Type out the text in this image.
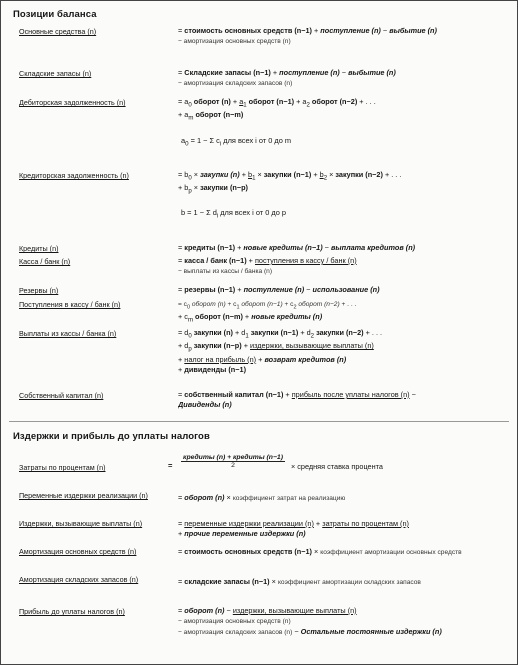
Позиции баланса
Основные средства (n)	= стоимость основных средств (n−1) + поступление (n) − выбытие (n)
− амортизация основных средств (n)
Складские запасы (n)	= Складские запасы (n−1) + поступление (n) − выбытие (n)
− амортизация складских запасов (n)
Дебиторская задолженность (n)	= $a_0$ оборот $(n) + a_1$ оборот $(n-1) + a_2$ оборот (n−2) + . . .
+ $a_m$ оборот (n−m)
$a_0 = 1 - \Sigma$ $c_i$ для всех i от 0 до m
Кредиторская задолженность (n)	= $b_0$ × закупки $(n) + b_1$ × закупки $(n-1) + b_2$ × закупки (n−2) + . . .
+ $b_p$ × закупки (n−p)
b = 1 − Σ $d_i$ для всех i от 0 до p
Кредиты (n)	= кредиты (n−1) + новые кредиты (n−1) − выплата кредитов (n)
Касса / банк (n)	= касса / банк (n−1) + поступления в кассу / банк (n)
− выплаты из кассы / банка (n)
Резервы (n)	= резервы (n−1) + поступление (n) − использование (n)
Поступления в кассу / банк (n)	= $c_0$ оборот $(n) + c_1$ оборот $(n-1) + c_2$ оборот (n−2) + . . .
+ $c_m$ оборот (n−m) + новые кредиты (n)
Выплаты из кассы / банка (n)	= $d_0$ закупки $(n) + d_1$ закупки $(n-1) + d_2$ закупки (n−2) + . . .
+ $d_p$ закупки (n−p) + издержки, вызывающие выплаты (n)
+ налог на прибыль (n) + возврат кредитов (n)
+ дивиденды (n−1)
Собственный капитал (n)	= собственный капитал (n−1) + прибыль после уплаты налогов (n) −
Дивиденды (n)
Издержки и прибыль до уплаты налогов
Затраты по процентам (n)	=
кредиты (n) + кредиты (n−1)
2	× средняя ставка процента
Переменные издержки реализации (n)	= оборот (n) × коэффициент затрат на реализацию
Издержки, вызывающие выплаты (n)	= переменные издержки реализации (n) + затраты по процентам (n)
+ прочие переменные издержки (n)
Амортизация основных средств (n)	= стоимость основных средств (n−1) × коэффициент амортизации основных средств
Амортизация складских запасов (n)	= складские запасы (n−1) × коэффициент амортизации складских запасов
Прибыль до уплаты налогов (n)	= оборот (n) − издержки, вызывающие выплаты (n)
− амортизация основных средств (n)
− амортизация складских запасов (n) − Остальные постоянные издержки (n)
